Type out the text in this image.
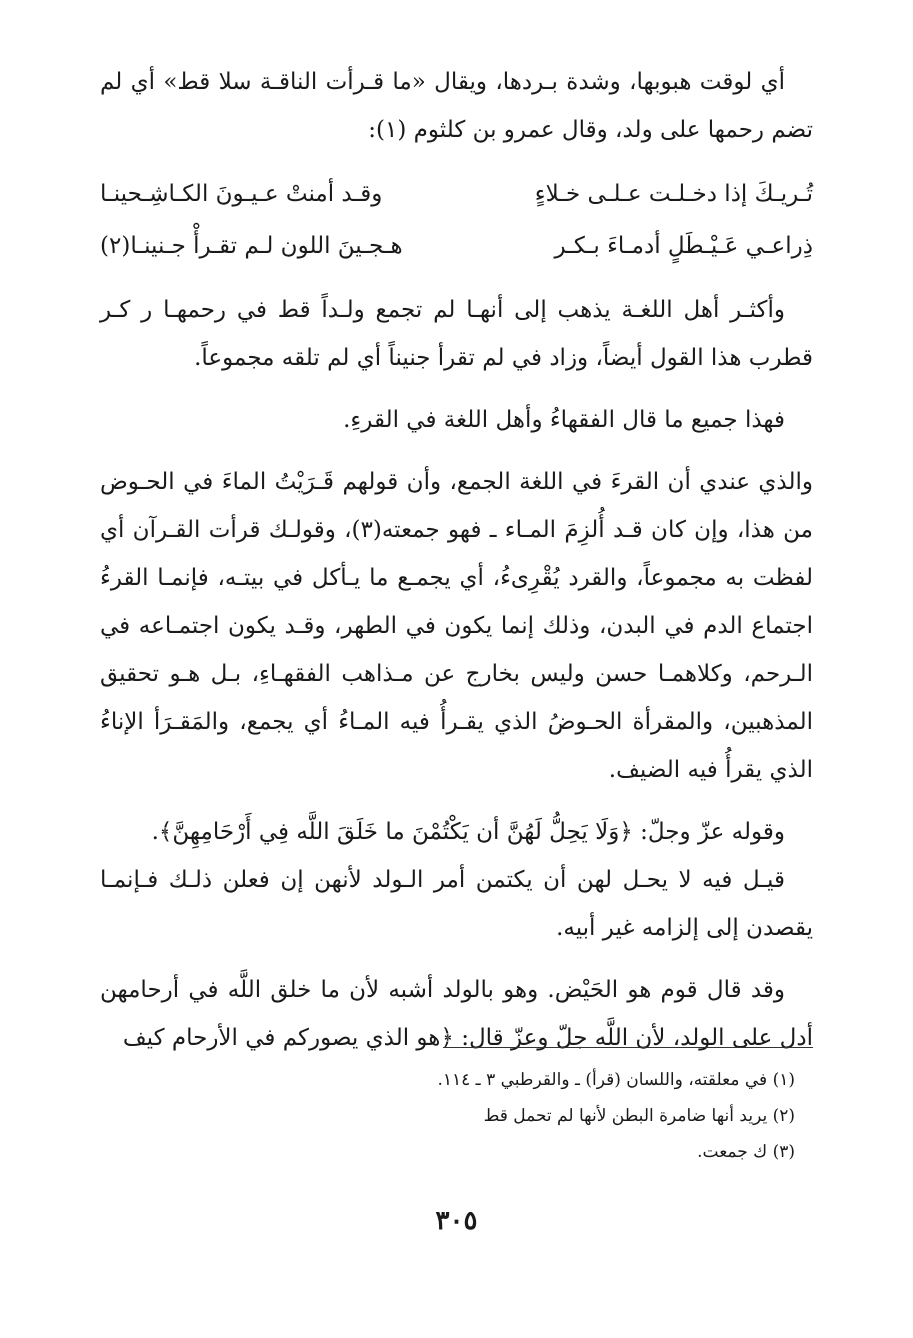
أي لوقت هبوبها، وشدة بـردها، ويقال «ما قـرأت الناقـة سلا قط» أي لم تضم رحمها على ولد، وقال عمرو بن كلثوم (١):

تُـريـكَ إذا دخـلـت عـلـى خـلاءٍ
وقـد أمنتْ عـيـونَ الكـاشِـحينـا
ذِراعـي عَـيْـطَلٍ أدمـاءَ بـكـر
هـجـينَ اللون لـم تقـرأْ جـنينـا(٢)

وأكثـر أهل اللغـة يذهب إلى أنهـا لم تجمع ولـداً قط في رحمهـا ر كـر قطرب هذا القول أيضاً، وزاد في لم تقرأ جنيناً أي لم تلقه مجموعاً.

فهذا جميع ما قال الفقهاءُ وأهل اللغة في القرءِ.

والذي عندي أن القرءَ في اللغة الجمع، وأن قولهم قَـرَيْتُ الماءَ في الحـوض من هذا، وإن كان قـد أُلزِمَ المـاء ـ فهو جمعته(٣)، وقولـك قرأت القـرآن أي لفظت به مجموعاً، والقرد يُقْرِىءُ، أي يجمـع ما يـأكل في بيتـه، فإنمـا القرءُ اجتماع الدم في البدن، وذلك إنما يكون في الطهر، وقـد يكون اجتمـاعه في الـرحم، وكلاهمـا حسن وليس بخارج عن مـذاهب الفقهـاءِ، بـل هـو تحقيق المذهبين، والمقرأة الحـوضُ الذي يقـرأُ فيه المـاءُ أي يجمع، والمَقـرَأ الإناءُ الذي يقرأُ فيه الضيف.

وقوله عزّ وجلّ: ﴿وَلَا يَحِلُّ لَهُنَّ أن يَكْتُمْنَ ما خَلَقَ اللَّه فِي أَرْحَامِهِنَّ﴾.

قيـل فيه لا يحـل لهن أن يكتمن أمر الـولد لأنهن إن فعلن ذلـك فـإنمـا يقصدن إلى إلزامه غير أبيه.

وقد قال قوم هو الحَيْض. وهو بالولد أشبه لأن ما خلق اللَّه في أرحامهن أدل على الولد، لأن اللَّه جلّ وعزّ قال: ﴿هو الذي يصوركم في الأرحام كيف

(١) في معلقته، واللسان (قرأ) ـ والقرطبي ٣ ـ ١١٤.

(٢) يريد أنها ضامرة البطن لأنها لم تحمل قط

(٣) ك جمعت.

٣٠٥
